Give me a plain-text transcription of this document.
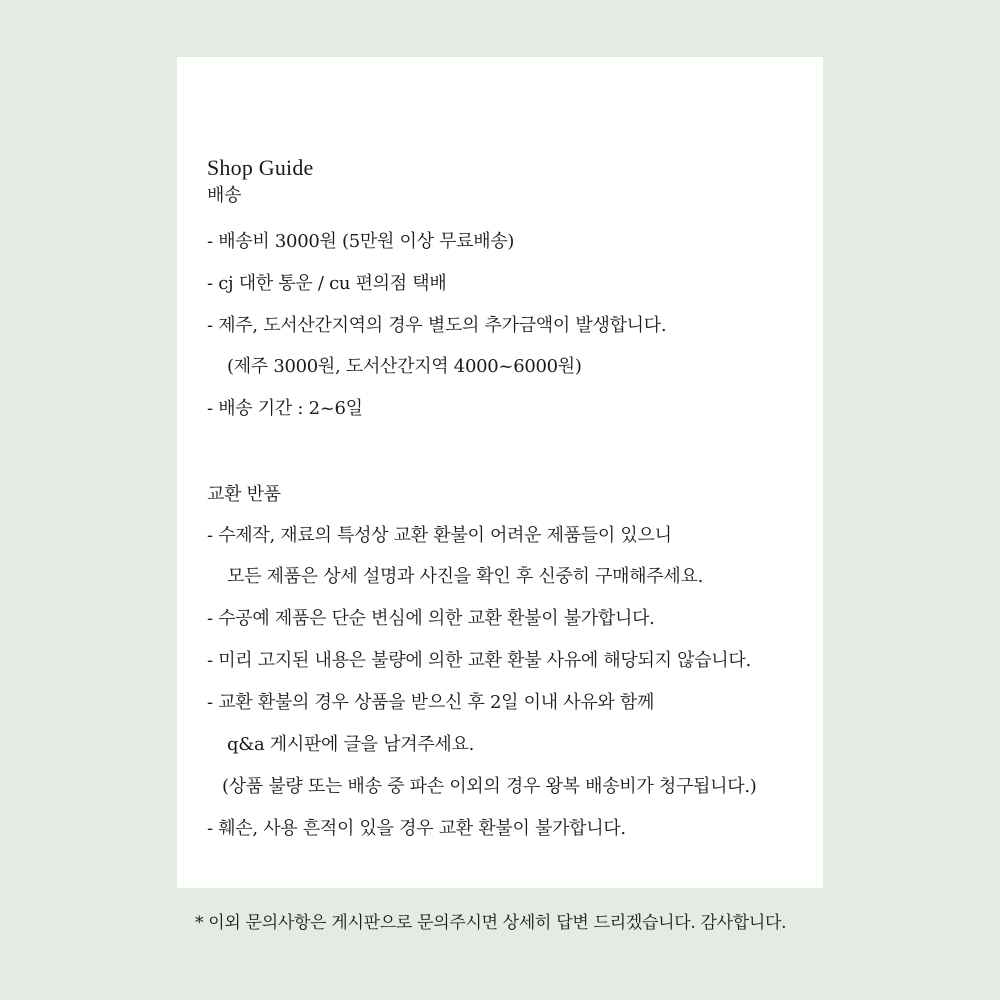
Shop Guide

배송

- 배송비 3000원 (5만원 이상 무료배송)

- cj 대한 통운 / cu 편의점 택배

- 제주, 도서산간지역의 경우 별도의 추가금액이 발생합니다.

(제주 3000원, 도서산간지역 4000~6000원)

- 배송 기간 : 2~6일

교환 반품

- 수제작, 재료의 특성상 교환 환불이 어려운 제품들이 있으니

모든 제품은 상세 설명과 사진을 확인 후 신중히 구매해주세요.

- 수공예 제품은 단순 변심에 의한 교환 환불이 불가합니다.

- 미리 고지된 내용은 불량에 의한 교환 환불 사유에 해당되지 않습니다.

- 교환 환불의 경우 상품을 받으신 후 2일 이내 사유와 함께

q&a 게시판에 글을 남겨주세요.

(상품 불량 또는 배송 중 파손 이외의 경우 왕복 배송비가 청구됩니다.)

- 훼손, 사용 흔적이 있을 경우 교환 환불이 불가합니다.

* 이외 문의사항은 게시판으로 문의주시면 상세히 답변 드리겠습니다. 감사합니다.
